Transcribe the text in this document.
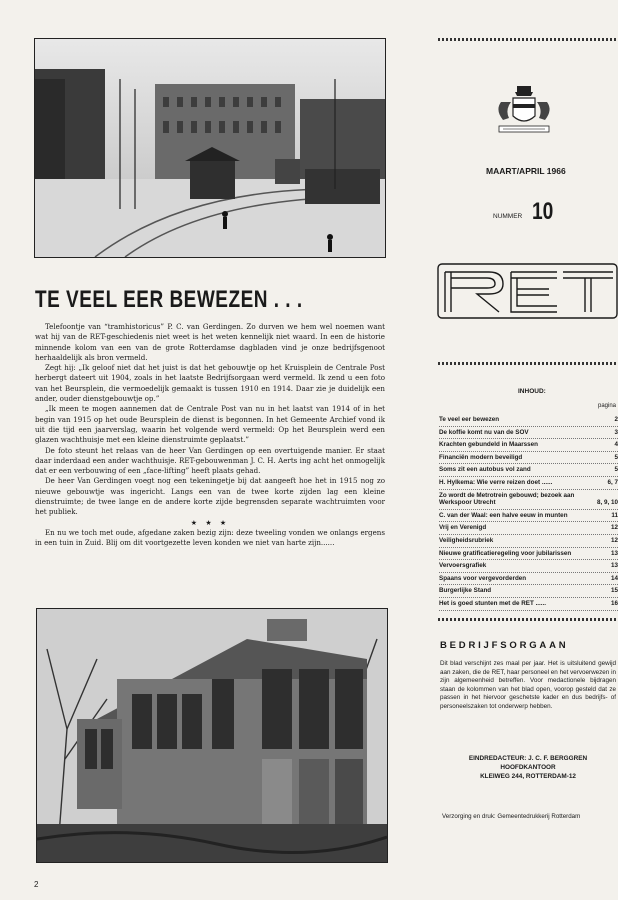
TE VEEL EER BEWEZEN . . .

Telefoontje van “tramhistoricus” P. C. van Gerdingen. Zo durven we hem wel noemen want wat hij van de RET-geschiedenis niet weet is het weten kennelijk niet waard. In een de historie minnende kolom van een van de grote Rotterdamse dagbladen vind je onze bedrijfsgenoot herhaaldelijk als bron vermeld.

Zegt hij: „Ik geloof niet dat het juist is dat het gebouwtje op het Kruisplein de Centrale Post herbergt dateert uit 1904, zoals in het laatste Bedrijfsorgaan werd vermeld. Ik zend u een foto van het Beursplein, die vermoedelijk gemaakt is tussen 1910 en 1914. Daar zie je duidelijk een ander, ouder dienstgebouwtje op.”

„Ik meen te mogen aannemen dat de Centrale Post van nu in het laatst van 1914 of in het begin van 1915 op het oude Beursplein de dienst is begonnen. In het Gemeente Archief vond ik uit die tijd een jaarverslag, waarin het volgende werd vermeld: Op het Beursplein werd een glazen wachthuisje met een kleine dienstruimte geplaatst.”

De foto steunt het relaas van de heer Van Gerdingen op een overtuigende manier. Er staat daar inderdaad een ander wachthuisje. RET-gebouwenman J. C. H. Aerts ing acht het onmogelijk dat er een verbouwing of een „face-lifting” heeft plaats gehad.

De heer Van Gerdingen voegt nog een tekeningetje bij dat aangeeft hoe het in 1915 nog zo nieuwe gebouwtje was ingericht. Langs een van de twee korte zijden lag een kleine dienstruimte; de twee lange en de andere korte zijde begrensden separate wachtruimten voor het publiek.

★ ★ ★

En nu we toch met oude, afgedane zaken bezig zijn: deze tweeling vonden we onlangs ergens in een tuin in Zuid. Blij om dit voortgezette leven konden we niet van harte zijn......

2
MAART/APRIL 1966
NUMMER 10
RET
INHOUD:
pagina
Te veel eer bewezen	2
De koffie komt nu van de SOV	3
Krachten gebundeld in Maarssen	4
Financiën modern beveiligd	5
Soms zit een autobus vol zand	5
H. Hylkema: Wie verre reizen doet ......	6, 7
Zo wordt de Metrotrein gebouwd; bezoek aan Werkspoor Utrecht	8, 9, 10
C. van der Waal: een halve eeuw in munten	11
Vrij en Verenigd	12
Veiligheidsrubriek	12
Nieuwe gratificatieregeling voor jubilarissen	13
Vervoersgrafiek	13
Spaans voor vergevorderden	14
Burgerlijke Stand	15
Het is goed stunten met de RET ......	16
BEDRIJFSORGAAN

Dit blad verschijnt zes maal per jaar. Het is uitsluitend gewijd aan zaken, die de RET, haar personeel en het vervoerwezen in zijn algemeenheid betreffen. Voor medactionele bijdragen staan de kolommen van het blad open, voorop gesteld dat ze passen in het hiervoor geschetste kader en dus bedrijfs- of personeelszaken tot onderwerp hebben.

EINDREDACTEUR: J. C. F. BERGGREN
HOOFDKANTOOR
KLEIWEG 244, ROTTERDAM-12
Verzorging en druk: Gemeentedrukkerij Rotterdam
